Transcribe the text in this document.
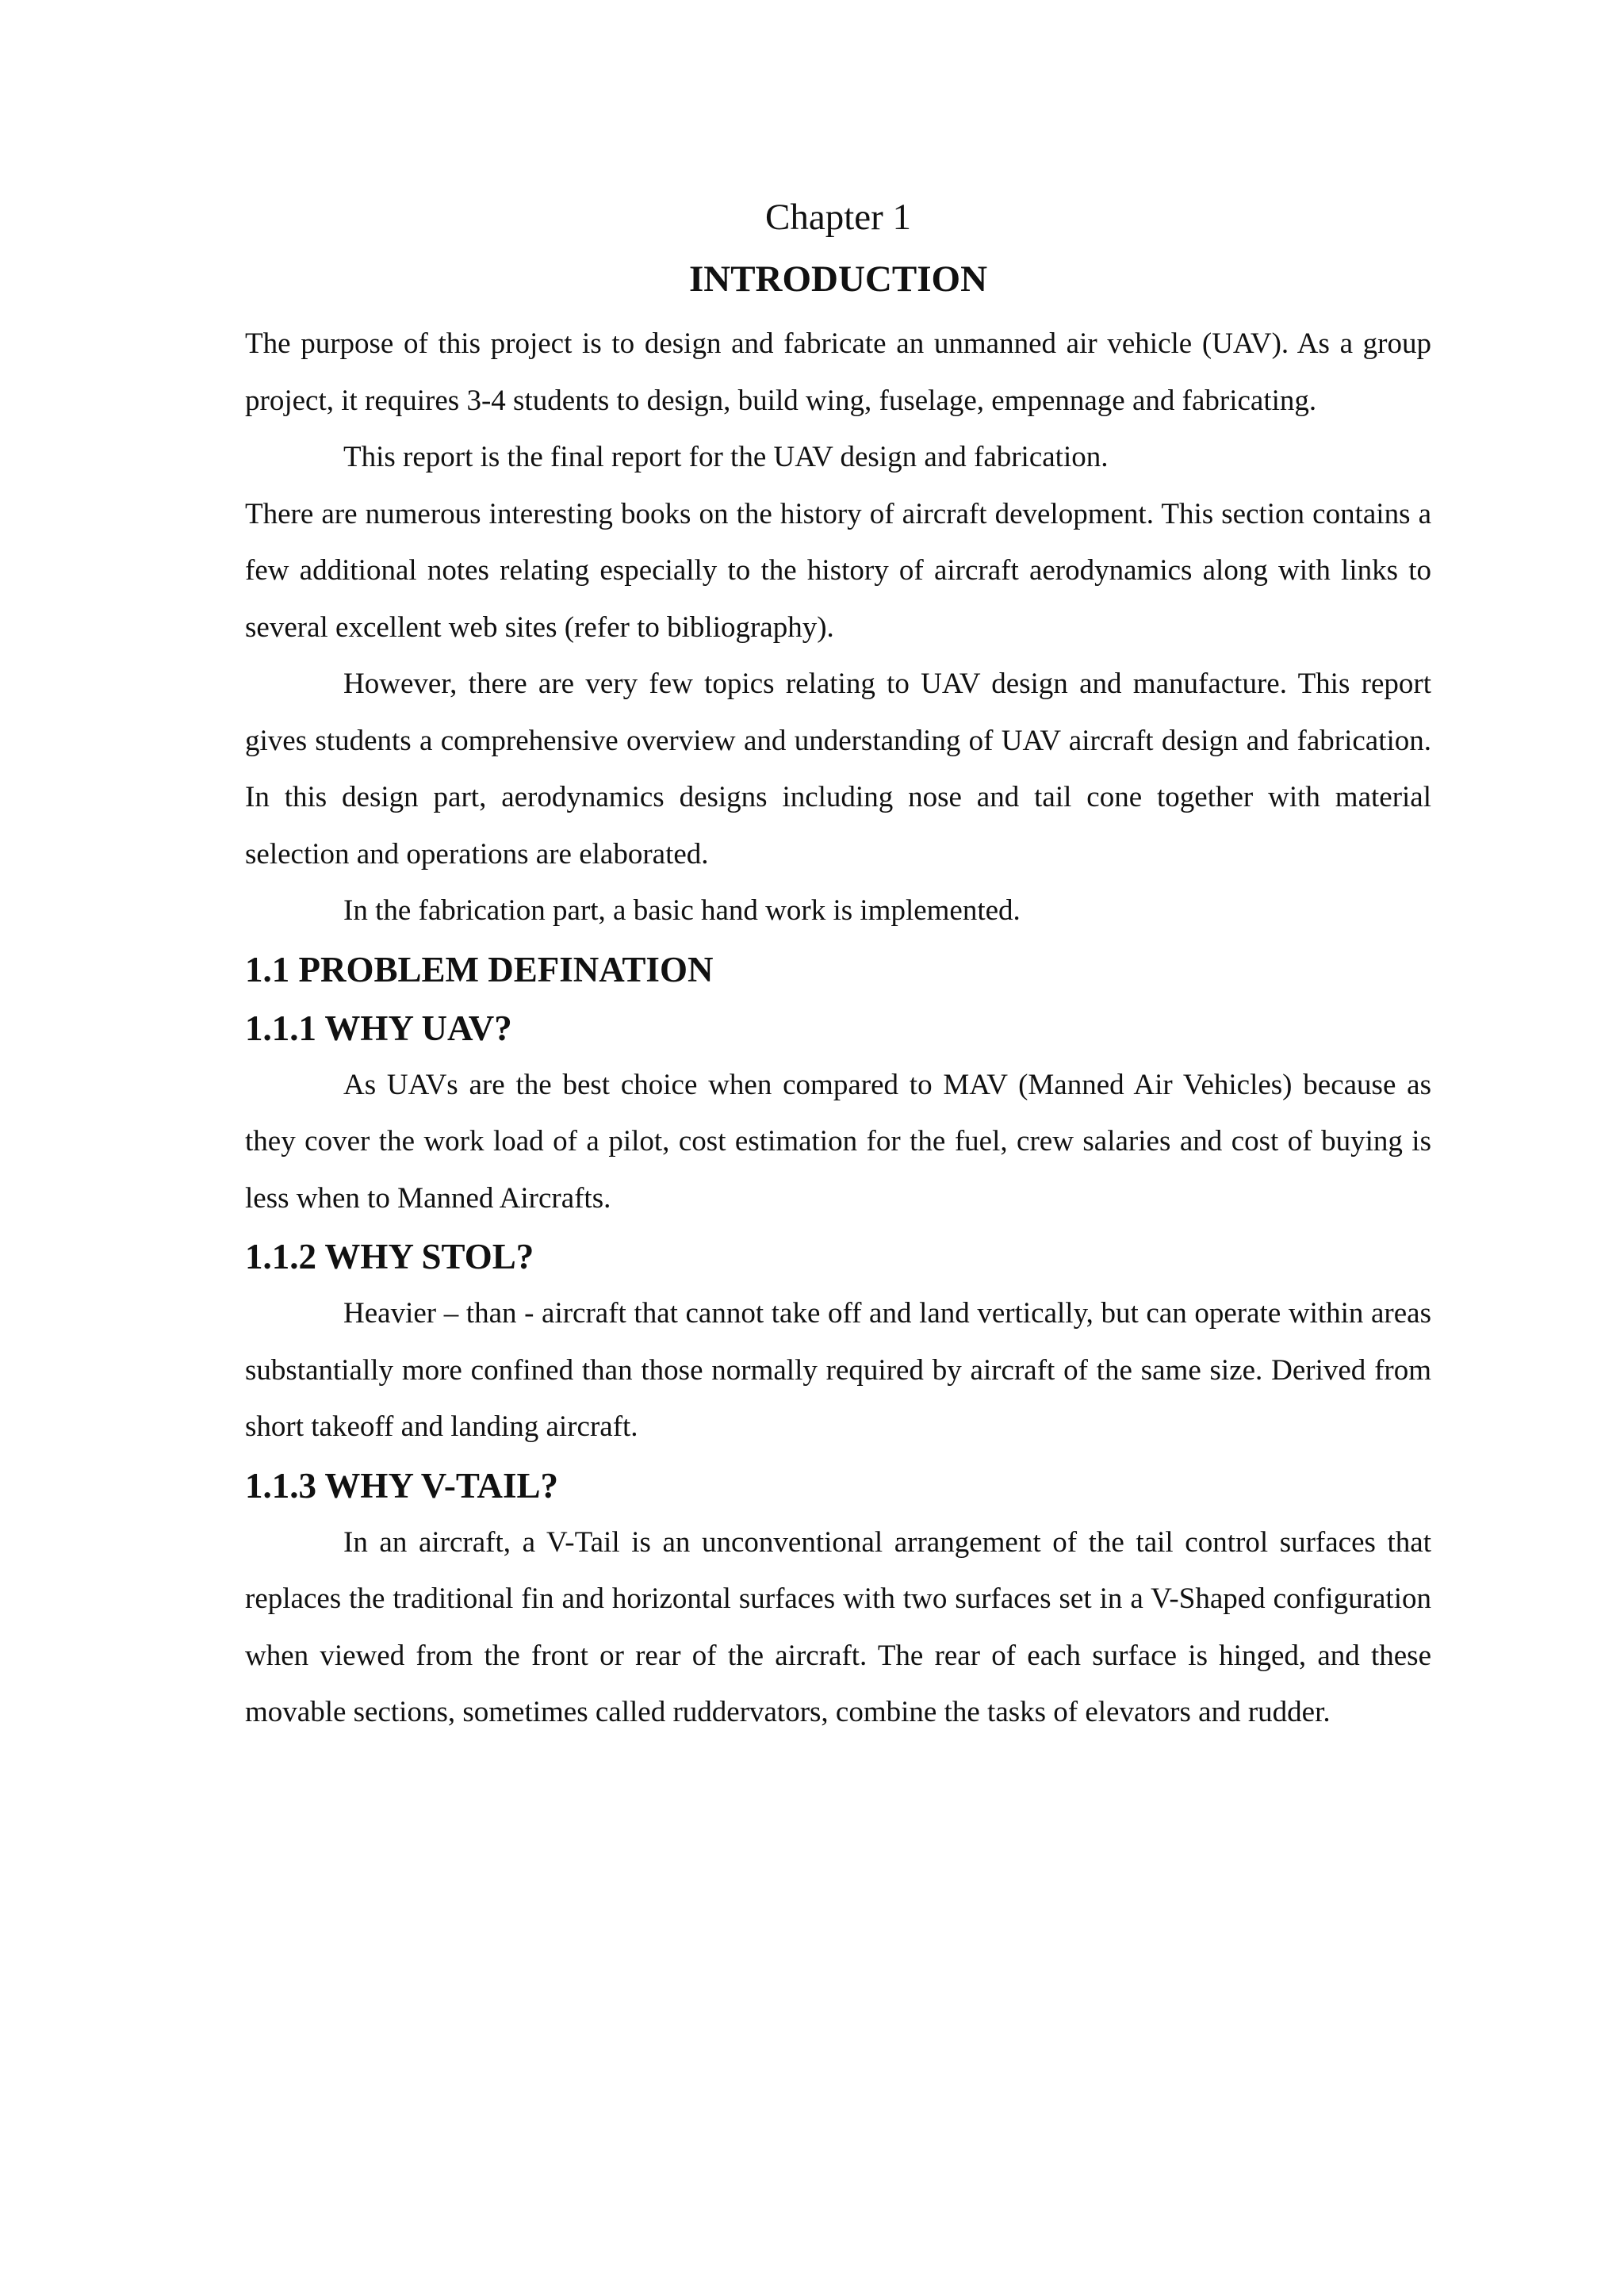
Chapter 1
INTRODUCTION

The purpose of this project is to design and fabricate an unmanned air vehicle (UAV). As a group project, it requires 3-4 students to design, build wing, fuselage, empennage and fabricating.

This report is the final report for the UAV design and fabrication.

There are numerous interesting books on the history of aircraft development. This section contains a few additional notes relating especially to the history of aircraft aerodynamics along with links to several excellent web sites (refer to bibliography).

However, there are very few topics relating to UAV design and manufacture. This report gives students a comprehensive overview and understanding of UAV aircraft design and fabrication. In this design part, aerodynamics designs including nose and tail cone together with material selection and operations are elaborated.

In the fabrication part, a basic hand work is implemented.

1.1 PROBLEM DEFINATION
1.1.1 WHY UAV?

As UAVs are the best choice when compared to MAV (Manned Air Vehicles) because as they cover the work load of a pilot, cost estimation for the fuel, crew salaries and cost of buying is less when to Manned Aircrafts.

1.1.2 WHY STOL?

Heavier – than - aircraft that cannot take off and land vertically, but can operate within areas substantially more confined than those normally required by aircraft of the same size. Derived from short takeoff and landing aircraft.

1.1.3 WHY V-TAIL?

In an aircraft, a V-Tail is an unconventional arrangement of the tail control surfaces that replaces the traditional fin and horizontal surfaces with two surfaces set in a V-Shaped configuration when viewed from the front or rear of the aircraft. The rear of each surface is hinged, and these movable sections, sometimes called ruddervators, combine the tasks of elevators and rudder.
